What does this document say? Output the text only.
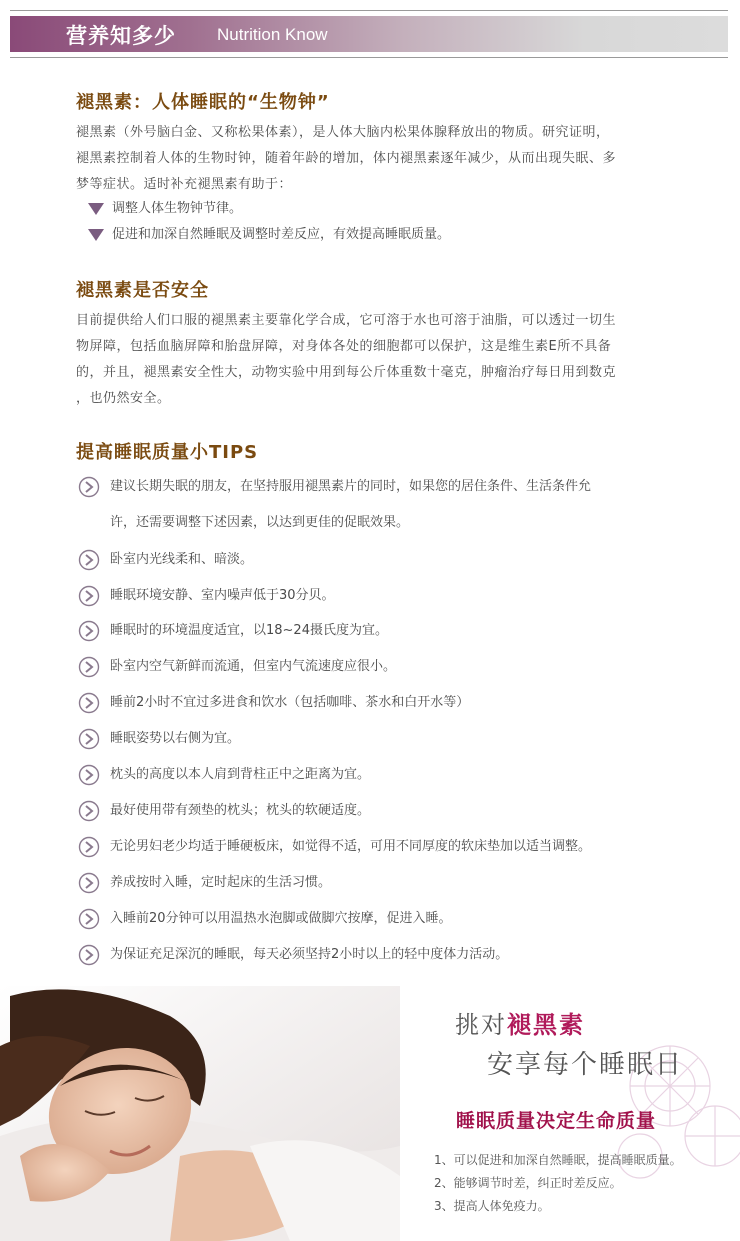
营养知多少 Nutrition Know
褪黑素：人体睡眠的“生物钟”
褪黑素（外号脑白金、又称松果体素），是人体大脑内松果体腺释放出的物质。研究证明，
褪黑素控制着人体的生物时钟，随着年龄的增加，体内褪黑素逐年减少，从而出现失眠、多
梦等症状。适时补充褪黑素有助于：
调整人体生物钟节律。
促进和加深自然睡眠及调整时差反应，有效提高睡眠质量。
褪黑素是否安全
目前提供给人们口服的褪黑素主要靠化学合成，它可溶于水也可溶于油脂，可以透过一切生
物屏障，包括血脑屏障和胎盘屏障，对身体各处的细胞都可以保护，这是维生素E所不具备
的，并且，褪黑素安全性大，动物实验中用到每公斤体重数十毫克，肿瘤治疗每日用到数克
，也仍然安全。
提高睡眠质量小TIPS
建议长期失眠的朋友，在坚持服用褪黑素片的同时，如果您的居住条件、生活条件允
卧室内光线柔和、暗淡。
睡眠环境安静、室内噪声低于30分贝。
睡眠时的环境温度适宜，以18~24摄氏度为宜。
卧室内空气新鲜而流通，但室内气流速度应很小。
睡前2小时不宜过多进食和饮水（包括咖啡、茶水和白开水等）
睡眠姿势以右侧为宜。
枕头的高度以本人肩到背柱正中之距离为宜。
最好使用带有颈垫的枕头；枕头的软硬适度。
无论男妇老少均适于睡硬板床，如觉得不适，可用不同厚度的软床垫加以适当调整。
养成按时入睡，定时起床的生活习惯。
入睡前20分钟可以用温热水泡脚或做脚穴按摩，促进入睡。
为保证充足深沉的睡眠，每天必须坚持2小时以上的轻中度体力活动。
许，还需要调整下述因素，以达到更佳的促眠效果。
挑对褪黑素
安享每个睡眠日
睡眠质量决定生命质量
1、可以促进和加深自然睡眠，提高睡眠质量。
2、能够调节时差，纠正时差反应。
3、提高人体免疫力。
